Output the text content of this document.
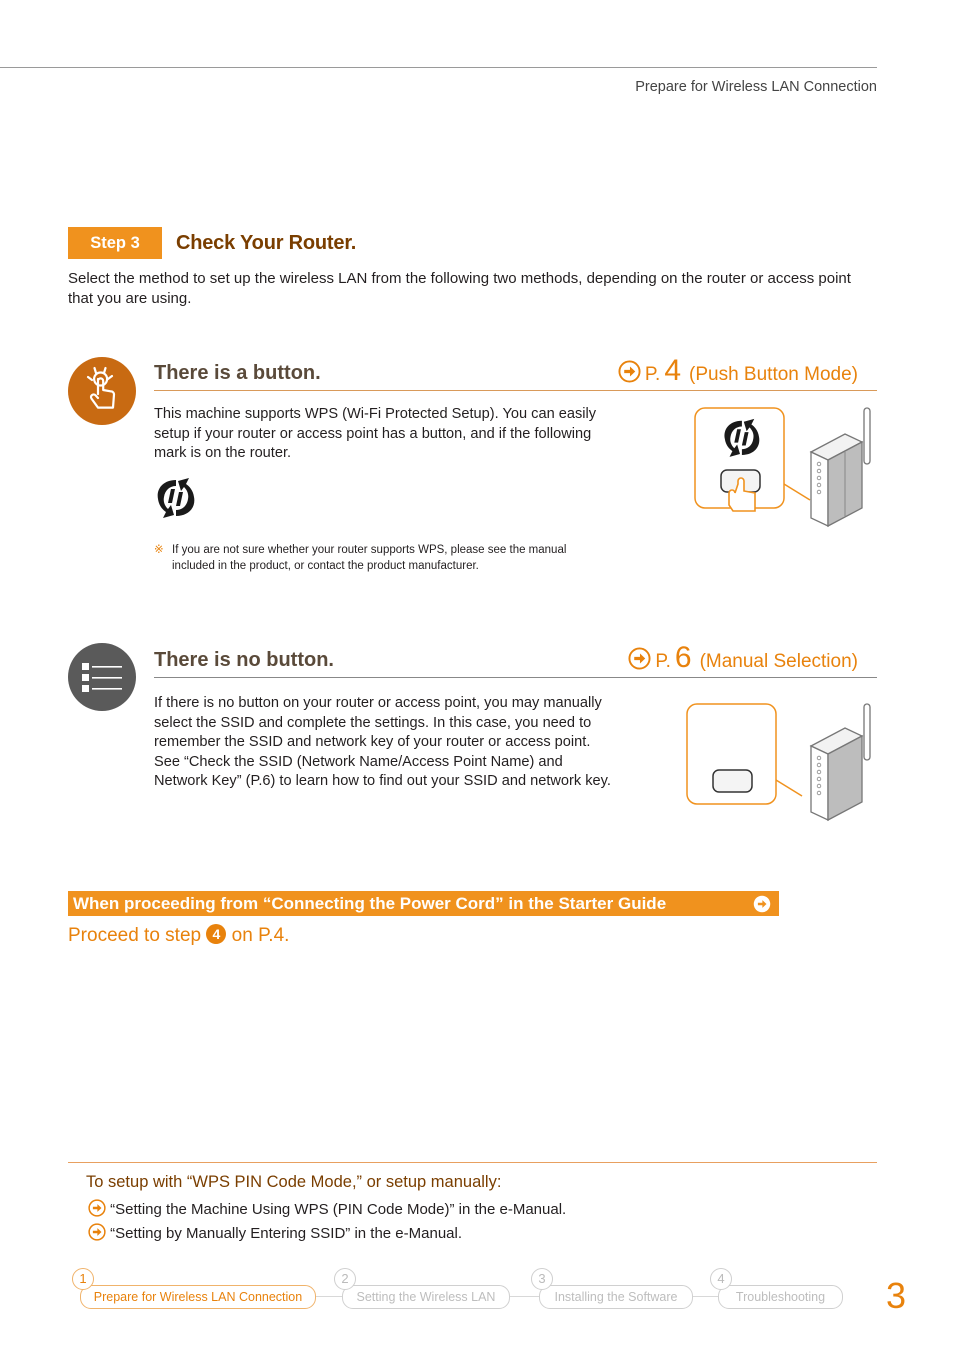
Prepare for Wireless LAN Connection
Step 3	Check Your Router.
Select the method to set up the wireless LAN from the following two methods, depending on the router or access point that you are using.
There is a button.	P. 4 (Push Button Mode)
This machine supports WPS (Wi-Fi Protected Setup). You can easily setup if your router or access point has a button, and if the following mark is on the router.
※ If you are not sure whether your router supports WPS, please see the manual included in the product, or contact the product manufacturer.
There is no button.	P. 6 (Manual Selection)
If there is no button on your router or access point, you may manually select the SSID and complete the settings. In this case, you need to remember the SSID and network key of your router or access point. See “Check the SSID (Network Name/Access Point Name) and Network Key” (P.6) to learn how to find out your SSID and network key.
When proceeding from “Connecting the Power Cord” in the Starter Guide
Proceed to step 4 on P.4.
To setup with “WPS PIN Code Mode,” or setup manually:
“Setting the Machine Using WPS (PIN Code Mode)” in the e-Manual.
“Setting by Manually Entering SSID” in the e-Manual.
Prepare for Wireless LAN Connection
1
Setting the Wireless LAN
2
Installing the Software
3
Troubleshooting
4	3
